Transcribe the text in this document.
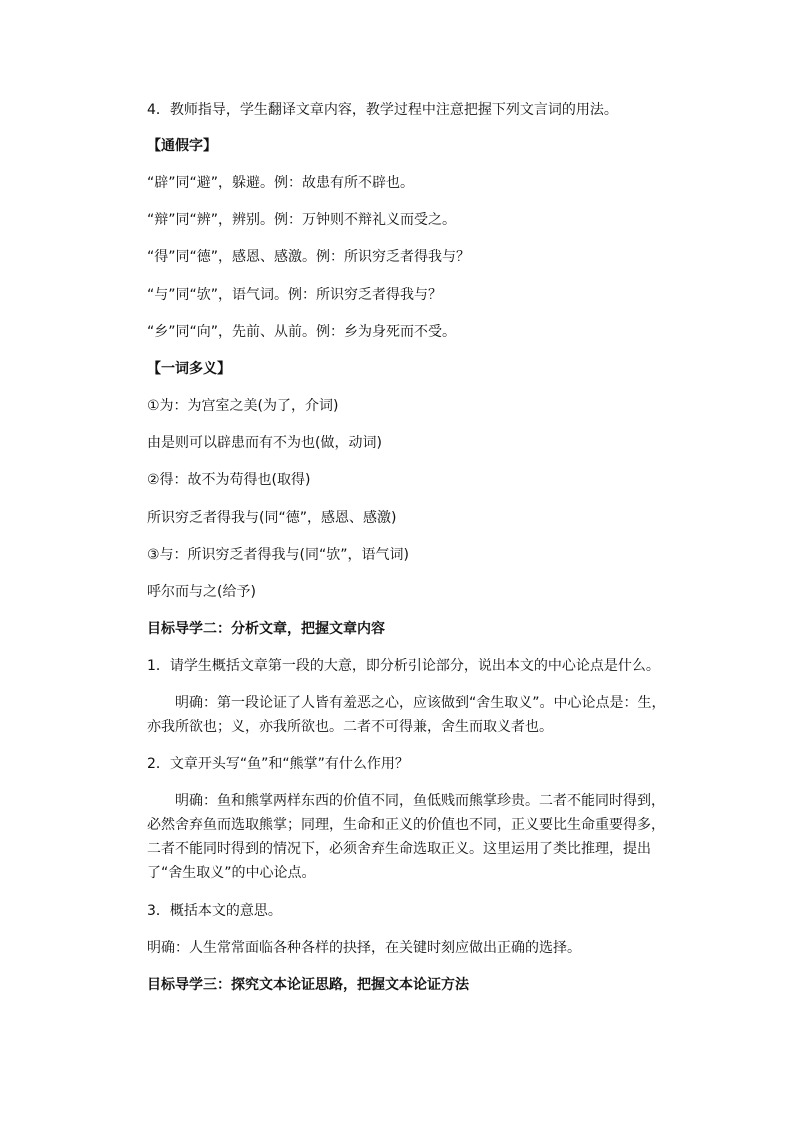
4．教师指导，学生翻译文章内容，教学过程中注意把握下列文言词的用法。
【通假字】
“辟”同“避”，躲避。例：故患有所不辟也。
“辩”同“辨”，辨别。例：万钟则不辩礼义而受之。
“得”同“德”，感恩、感激。例：所识穷乏者得我与？
“与”同“欤”，语气词。例：所识穷乏者得我与？
“乡”同“向”，先前、从前。例：乡为身死而不受。
【一词多义】
①为：为宫室之美(为了，介词)
由是则可以辟患而有不为也(做，动词)
②得：故不为苟得也(取得)
所识穷乏者得我与(同“德”，感恩、感激)
③与：所识穷乏者得我与(同“欤”，语气词)
呼尔而与之(给予)
目标导学二：分析文章，把握文章内容
1．请学生概括文章第一段的大意，即分析引论部分，说出本文的中心论点是什么。
明确：第一段论证了人皆有羞恶之心，应该做到“舍生取义”。中心论点是：生，亦我所欲也；义，亦我所欲也。二者不可得兼，舍生而取义者也。
2．文章开头写“鱼”和“熊掌”有什么作用？
明确：鱼和熊掌两样东西的价值不同，鱼低贱而熊掌珍贵。二者不能同时得到，必然舍弃鱼而选取熊掌；同理，生命和正义的价值也不同，正义要比生命重要得多，二者不能同时得到的情况下，必须舍弃生命选取正义。这里运用了类比推理，提出了“舍生取义”的中心论点。
3．概括本文的意思。
明确：人生常常面临各种各样的抉择，在关键时刻应做出正确的选择。
目标导学三：探究文本论证思路，把握文本论证方法
